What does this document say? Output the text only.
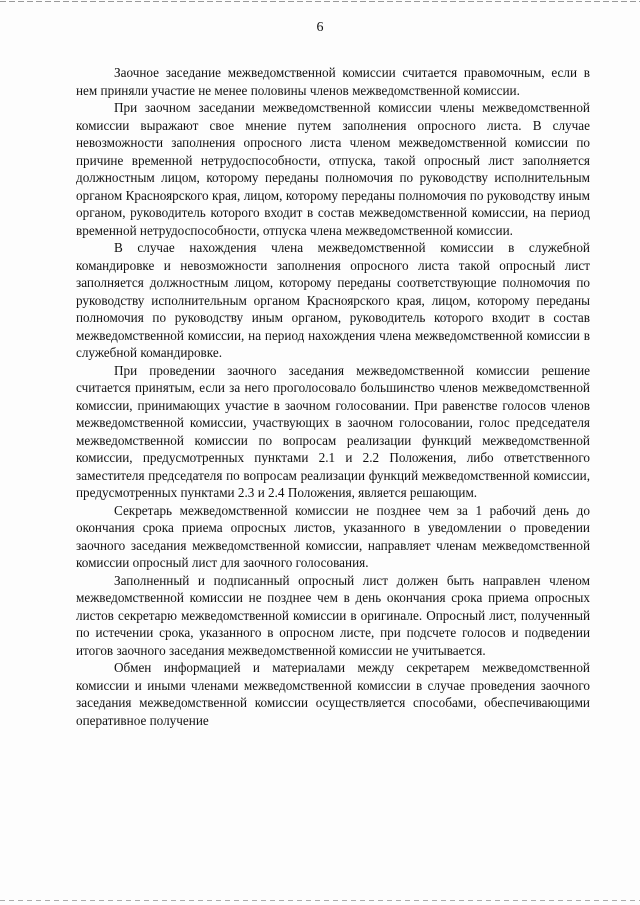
6

Заочное заседание межведомственной комиссии считается правомочным, если в нем приняли участие не менее половины членов межведомственной комиссии.

При заочном заседании межведомственной комиссии члены межведомственной комиссии выражают свое мнение путем заполнения опросного листа. В случае невозможности заполнения опросного листа членом межведомственной комиссии по причине временной нетрудоспособности, отпуска, такой опросный лист заполняется должностным лицом, которому переданы полномочия по руководству исполнительным органом Красноярского края, лицом, которому переданы полномочия по руководству иным органом, руководитель которого входит в состав межведомственной комиссии, на период временной нетрудоспособности, отпуска члена межведомственной комиссии.

В случае нахождения члена межведомственной комиссии в служебной командировке и невозможности заполнения опросного листа такой опросный лист заполняется должностным лицом, которому переданы соответствующие полномочия по руководству исполнительным органом Красноярского края, лицом, которому переданы полномочия по руководству иным органом, руководитель которого входит в состав межведомственной комиссии, на период нахождения члена межведомственной комиссии в служебной командировке.

При проведении заочного заседания межведомственной комиссии решение считается принятым, если за него проголосовало большинство членов межведомственной комиссии, принимающих участие в заочном голосовании. При равенстве голосов членов межведомственной комиссии, участвующих в заочном голосовании, голос председателя межведомственной комиссии по вопросам реализации функций межведомственной комиссии, предусмотренных пунктами 2.1 и 2.2 Положения, либо ответственного заместителя председателя по вопросам реализации функций межведомственной комиссии, предусмотренных пунктами 2.3 и 2.4 Положения, является решающим.

Секретарь межведомственной комиссии не позднее чем за 1 рабочий день до окончания срока приема опросных листов, указанного в уведомлении о проведении заочного заседания межведомственной комиссии, направляет членам межведомственной комиссии опросный лист для заочного голосования.

Заполненный и подписанный опросный лист должен быть направлен членом межведомственной комиссии не позднее чем в день окончания срока приема опросных листов секретарю межведомственной комиссии в оригинале. Опросный лист, полученный по истечении срока, указанного в опросном листе, при подсчете голосов и подведении итогов заочного заседания межведомственной комиссии не учитывается.

Обмен информацией и материалами между секретарем межведомственной комиссии и иными членами межведомственной комиссии в случае проведения заочного заседания межведомственной комиссии осуществляется способами, обеспечивающими оперативное получение
